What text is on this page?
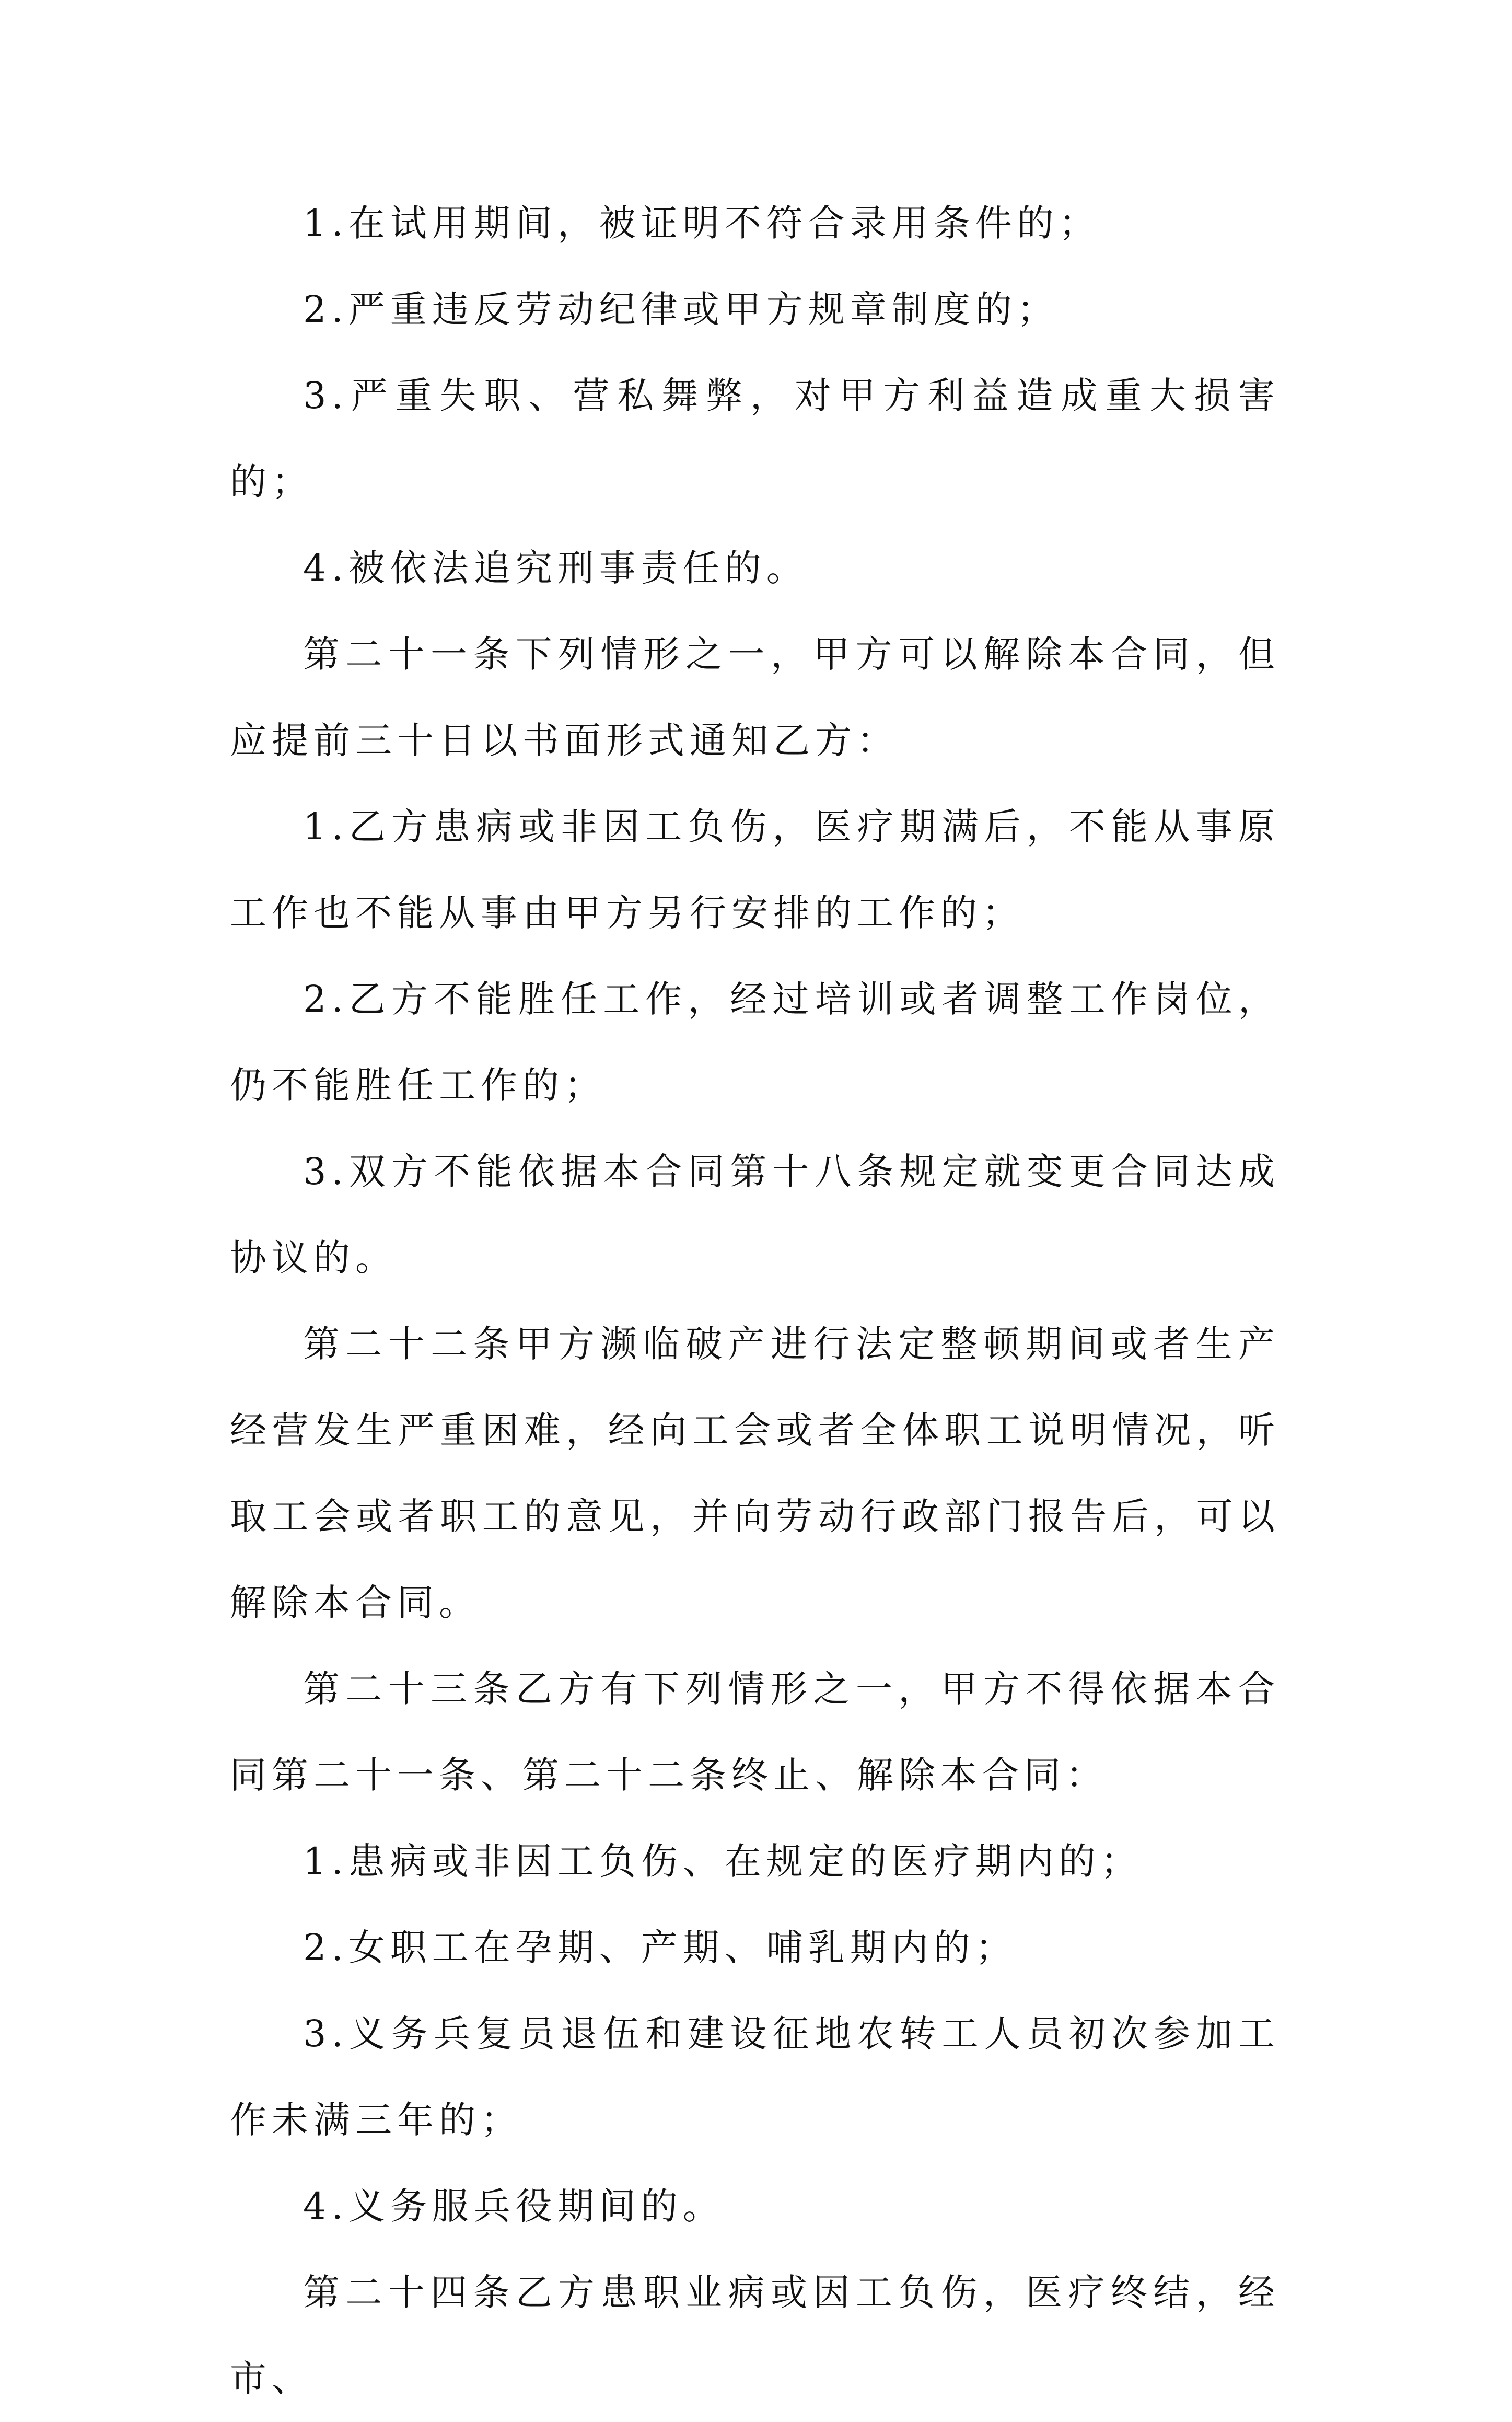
1.在试用期间，被证明不符合录用条件的；

2.严重违反劳动纪律或甲方规章制度的；

3.严重失职、营私舞弊，对甲方利益造成重大损害的；

4.被依法追究刑事责任的。

第二十一条下列情形之一，甲方可以解除本合同，但应提前三十日以书面形式通知乙方：

1.乙方患病或非因工负伤，医疗期满后，不能从事原工作也不能从事由甲方另行安排的工作的；

2.乙方不能胜任工作，经过培训或者调整工作岗位，仍不能胜任工作的；

3.双方不能依据本合同第十八条规定就变更合同达成协议的。

第二十二条甲方濒临破产进行法定整顿期间或者生产经营发生严重困难，经向工会或者全体职工说明情况，听取工会或者职工的意见，并向劳动行政部门报告后，可以解除本合同。

第二十三条乙方有下列情形之一，甲方不得依据本合同第二十一条、第二十二条终止、解除本合同：

1.患病或非因工负伤、在规定的医疗期内的；

2.女职工在孕期、产期、哺乳期内的；

3.义务兵复员退伍和建设征地农转工人员初次参加工作未满三年的；

4.义务服兵役期间的。

第二十四条乙方患职业病或因工负伤，医疗终结，经市、
